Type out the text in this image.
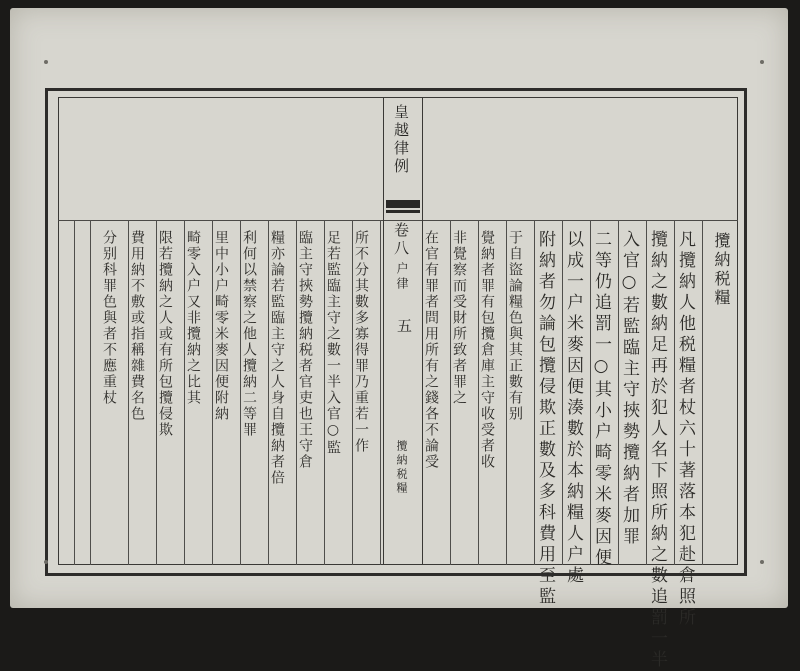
皇越律例
卷八
户律
五
攬納税糧
攬納税糧
凡攬納人他税糧者杖六十著落本犯赴倉照所
攬納之數納足再於犯人名下照所納之數追罰一半
入官○若監臨主守挾勢攬納者加罪
二等仍追罰一○其小户畸零米麥因便
以成一户米麥因便湊數於本納糧人户處
附納者勿論包攬侵欺正數及多科費用至監
于自盜論糧色與其正數有别
覺納者罪有包攬倉庫主守收受者收
非覺察而受財所致者罪之
在官有罪者問用所有之錢各不論受
所不分其數多寡得罪乃重若一作
足若監臨主守之數一半入官○監
臨主守挾勢攬納税者官吏也王守倉
糧亦論若監臨主守之人身自攬納者倍
利何以禁察之他人攬納二等罪
里中小户畸零米麥因便附納
畸零入户又非攬納之比其
限若攬納之人或有所包攬侵欺
費用納不敷或指稱雜費名色
分别科罪色與者不應重杖
